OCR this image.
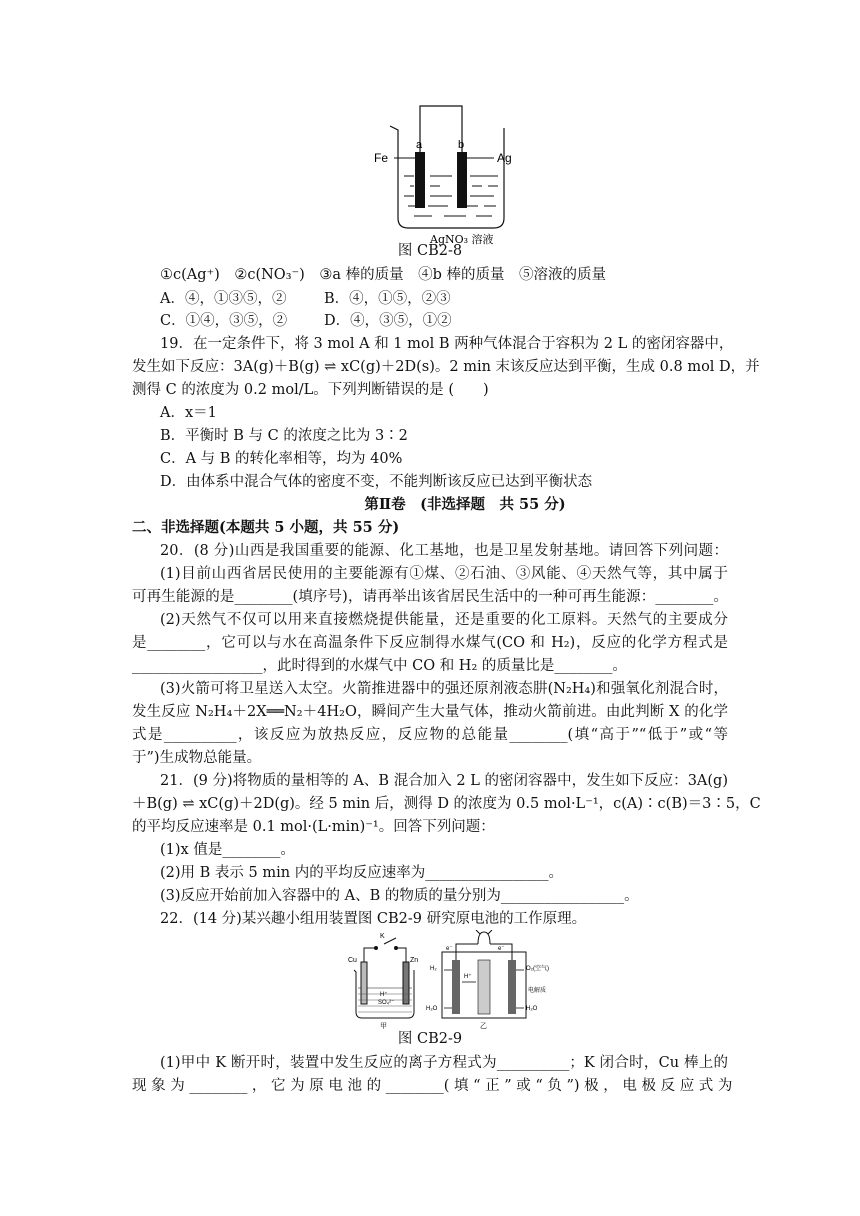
Fe	Ag
a	b
AgNO₃ 溶液
图 CB2-8
①c(Ag⁺)　②c(NO₃⁻)　③a 棒的质量　④b 棒的质量　⑤溶液的质量
A．④，①③⑤，②	B．④，①⑤，②③
C．①④，③⑤，②	D．④，③⑤，①②
19．在一定条件下，将 3 mol A 和 1 mol B 两种气体混合于容积为 2 L 的密闭容器中，
发生如下反应：3A(g)＋B(g) ⇌ xC(g)＋2D(s)。2 min 末该反应达到平衡，生成 0.8 mol D，并
测得 C 的浓度为 0.2 mol/L。下列判断错误的是 (　　)
A．x＝1
B．平衡时 B 与 C 的浓度之比为 3∶2
C．A 与 B 的转化率相等，均为 40%
D．由体系中混合气体的密度不变，不能判断该反应已达到平衡状态
第Ⅱ卷　(非选择题　共 55 分)
二、非选择题(本题共 5 小题，共 55 分)
20．(8 分)山西是我国重要的能源、化工基地，也是卫星发射基地。请回答下列问题：
(1)目前山西省居民使用的主要能源有①煤、②石油、③风能、④天然气等，其中属于
可再生能源的是________(填序号)，请再举出该省居民生活中的一种可再生能源：________。
(2)天然气不仅可以用来直接燃烧提供能量，还是重要的化工原料。天然气的主要成分
是________，它可以与水在高温条件下反应制得水煤气(CO 和 H₂)，反应的化学方程式是
__________________，此时得到的水煤气中 CO 和 H₂ 的质量比是________。
(3)火箭可将卫星送入太空。火箭推进器中的强还原剂液态肼(N₂H₄)和强氧化剂混合时，
发生反应 N₂H₄＋2X══N₂＋4H₂O，瞬间产生大量气体，推动火箭前进。由此判断 X 的化学
式是__________，该反应为放热反应，反应物的总能量________(填“高于”“低于”或“等
于”)生成物总能量。
21．(9 分)将物质的量相等的 A、B 混合加入 2 L 的密闭容器中，发生如下反应：3A(g)
＋B(g) ⇌ xC(g)＋2D(g)。经 5 min 后，测得 D 的浓度为 0.5 mol·L⁻¹，c(A)∶c(B)＝3∶5，C
的平均反应速率是 0.1 mol·(L·min)⁻¹。回答下列问题：
(1)x 值是________。
(2)用 B 表示 5 min 内的平均反应速率为_________________。
(3)反应开始前加入容器中的 A、B 的物质的量分别为_________________。
22．(14 分)某兴趣小组用装置图 CB2-9 研究原电池的工作原理。
K
Cu	Zn
H⁺
SO₄²⁻
甲
e⁻	e⁻
H₂
H₂O
H⁺
O₂(空气)
电解质
H₂O
乙
图 CB2-9
(1)甲中 K 断开时，装置中发生反应的离子方程式为__________；K 闭合时，Cu 棒上的
现 象 为 ________ ， 它 为 原 电 池 的 ________( 填 “ 正 ” 或 “ 负 ”) 极 ， 电 极 反 应 式 为
